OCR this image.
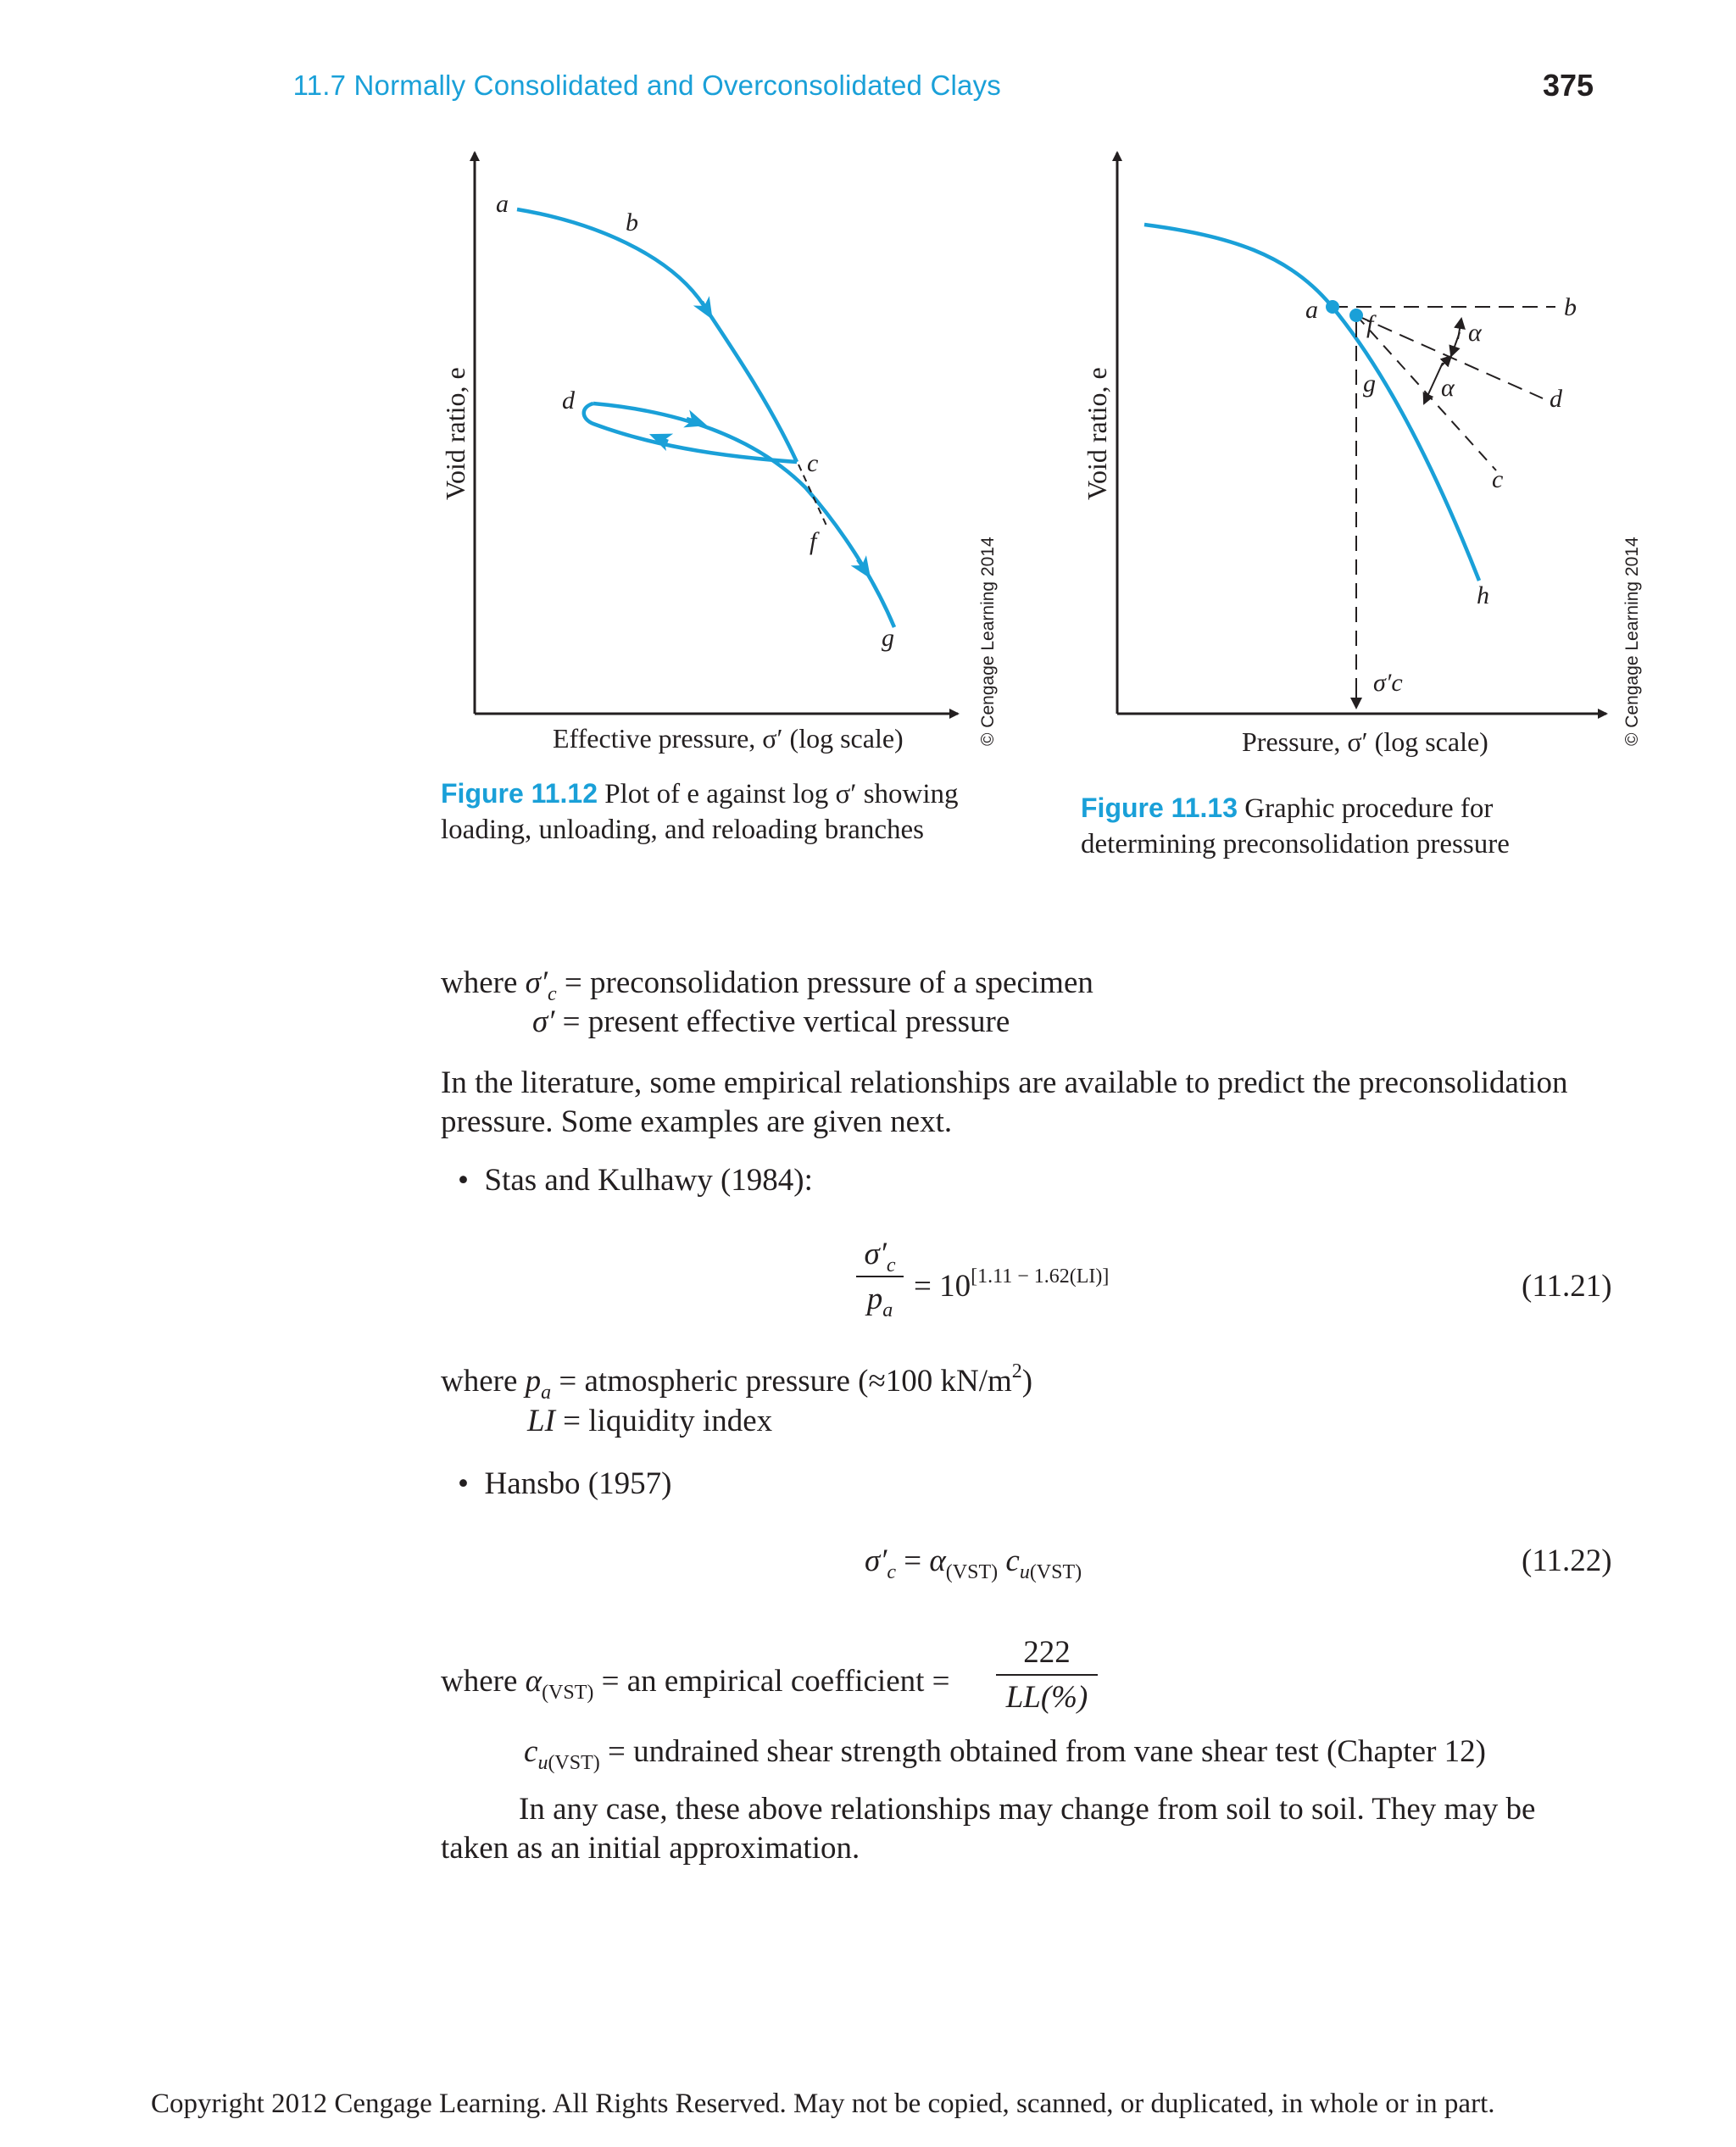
11.7 Normally Consolidated and Overconsolidated Clays	375
a
b
d
c
f
g
Void ratio, e
Effective pressure, σ′ (log scale)	© Cengage Learning 2014
Figure 11.12 Plot of e against log σ′ showing
loading, unloading, and reloading branches
a	b
f	α
g	α	d
c
h
σ′c
Void ratio, e
Pressure, σ′ (log scale)	© Cengage Learning 2014
Figure 11.13 Graphic procedure for
determining preconsolidation pressure
where $\sigma'_c$ = preconsolidation pressure of a specimen
σ′ = present effective vertical pressure
In the literature, some empirical relationships are available to predict the preconsolidation
pressure. Some examples are given next.
•  Stas and Kulhawy (1984):
$\sigma'_c$
$p_a$
= 10[1.11 − 1.62(LI)]	(11.21)
where $p_a$ = atmospheric pressure (≈100 $kN/m^2$)
LI = liquidity index
•  Hansbo (1957)
$\sigma'_c = \alpha_{(VST)}$ $c_{u(VST)}$	(11.22)
where $\alpha_{(VST)}$ = an empirical coefficient =
222
LL(%)
$c_{u(VST)}$ = undrained shear strength obtained from vane shear test (Chapter 12)
In any case, these above relationships may change from soil to soil. They may be
taken as an initial approximation.
Copyright 2012 Cengage Learning. All Rights Reserved. May not be copied, scanned, or duplicated, in whole or in part.
